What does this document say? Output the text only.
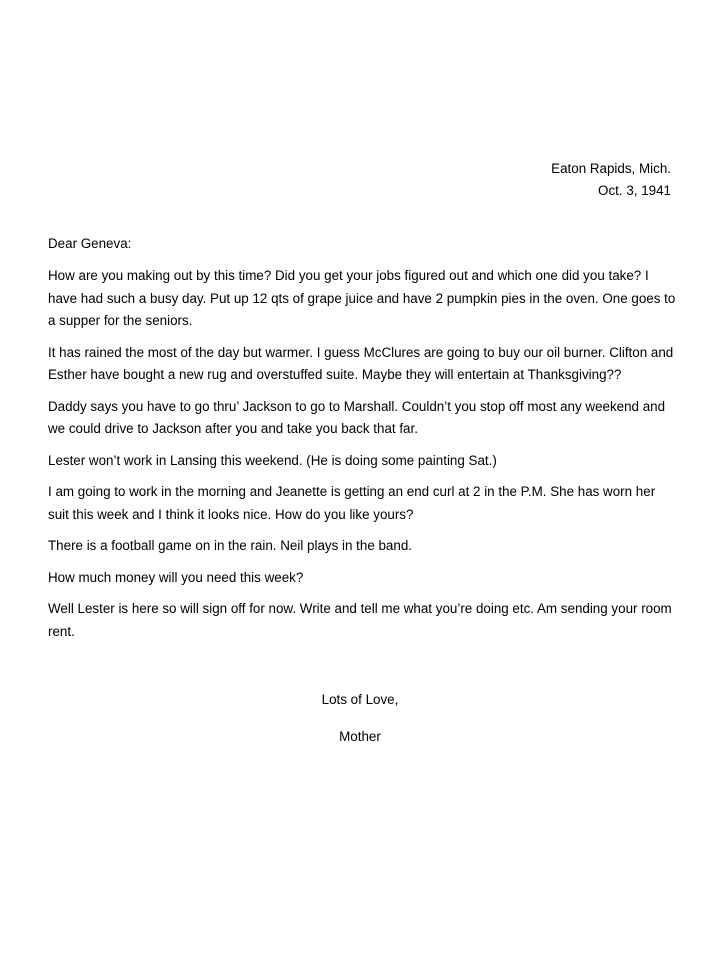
Eaton Rapids, Mich.
Oct. 3, 1941
Dear Geneva:

How are you making out by this time? Did you get your jobs figured out and which one did you take? I have had such a busy day. Put up 12 qts of grape juice and have 2 pumpkin pies in the oven. One goes to a supper for the seniors.

It has rained the most of the day but warmer. I guess McClures are going to buy our oil burner. Clifton and Esther have bought a new rug and overstuffed suite. Maybe they will entertain at Thanksgiving??

Daddy says you have to go thru’ Jackson to go to Marshall. Couldn’t you stop off most any weekend and we could drive to Jackson after you and take you back that far.

Lester won’t work in Lansing this weekend. (He is doing some painting Sat.)

I am going to work in the morning and Jeanette is getting an end curl at 2 in the P.M. She has worn her suit this week and I think it looks nice. How do you like yours?

There is a football game on in the rain. Neil plays in the band.

How much money will you need this week?

Well Lester is here so will sign off for now. Write and tell me what you’re doing etc. Am sending your room rent.

Lots of Love,
Mother
